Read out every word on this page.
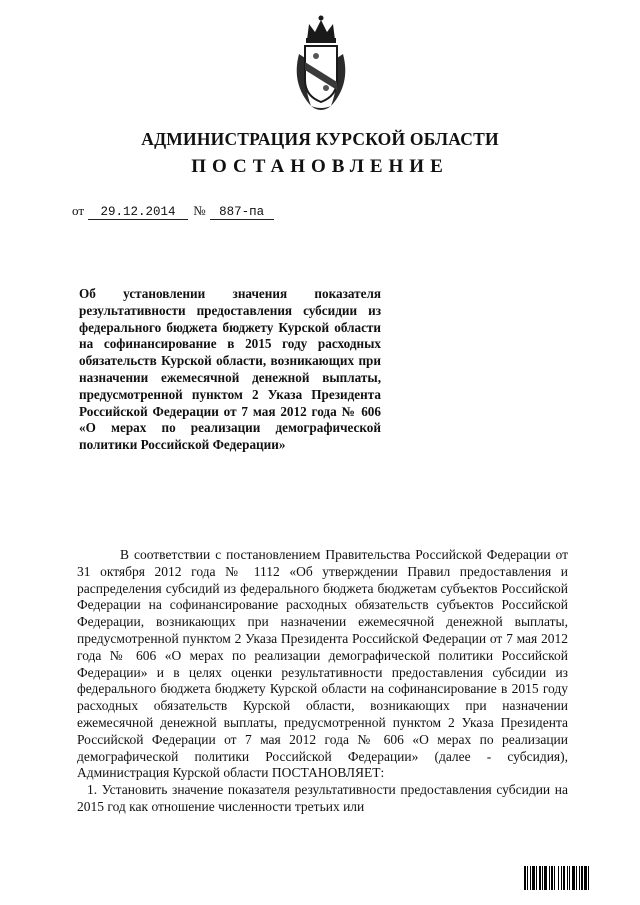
АДМИНИСТРАЦИЯ КУРСКОЙ ОБЛАСТИ
ПОСТАНОВЛЕНИЕ
от 29.12.2014 № 887-па
Об установлении значения показателя результативности предоставления субсидии из федерального бюджета бюджету Курской области на софинансирование в 2015 году расходных обязательств Курской области, возникающих при назначении ежемесячной денежной выплаты, предусмотренной пунктом 2 Указа Президента Российской Федерации от 7 мая 2012 года № 606 «О мерах по реализации демографической политики Российской Федерации»

В соответствии с постановлением Правительства Российской Федерации от 31 октября 2012 года № 1112 «Об утверждении Правил предоставления и распределения субсидий из федерального бюджета бюджетам субъектов Российской Федерации на софинансирование расходных обязательств субъектов Российской Федерации, возникающих при назначении ежемесячной денежной выплаты, предусмотренной пунктом 2 Указа Президента Российской Федерации от 7 мая 2012 года № 606 «О мерах по реализации демографической политики Российской Федерации» и в целях оценки результативности предоставления субсидии из федерального бюджета бюджету Курской области на софинансирование в 2015 году расходных обязательств Курской области, возникающих при назначении ежемесячной денежной выплаты, предусмотренной пунктом 2 Указа Президента Российской Федерации от 7 мая 2012 года № 606 «О мерах по реализации демографической политики Российской Федерации» (далее - субсидия), Администрация Курской области ПОСТАНОВЛЯЕТ:

1. Установить значение показателя результативности предоставления субсидии на 2015 год как отношение численности третьих или
